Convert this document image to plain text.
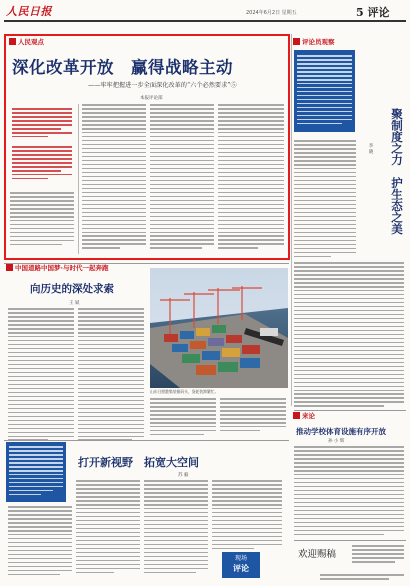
人民日报	2024年6月2日 星期五	5 评论
人民观点
深化改革开放　赢得战略主动
——牢牢把握进一步全面深化改革的“六个必然要求”⑤
本报评论部
评论员观察
聚制度之力　护生态之美
李 晓
中国道路中国梦·与时代一起奔跑
向历史的深处求索
王 斌
山东日照港集装箱码头，货轮装卸繁忙。
打开新视野　拓宽大空间
苏 毅
现场
评论
来论
推动学校体育设施有序开放
孙 小 辉
欢迎赐稿
